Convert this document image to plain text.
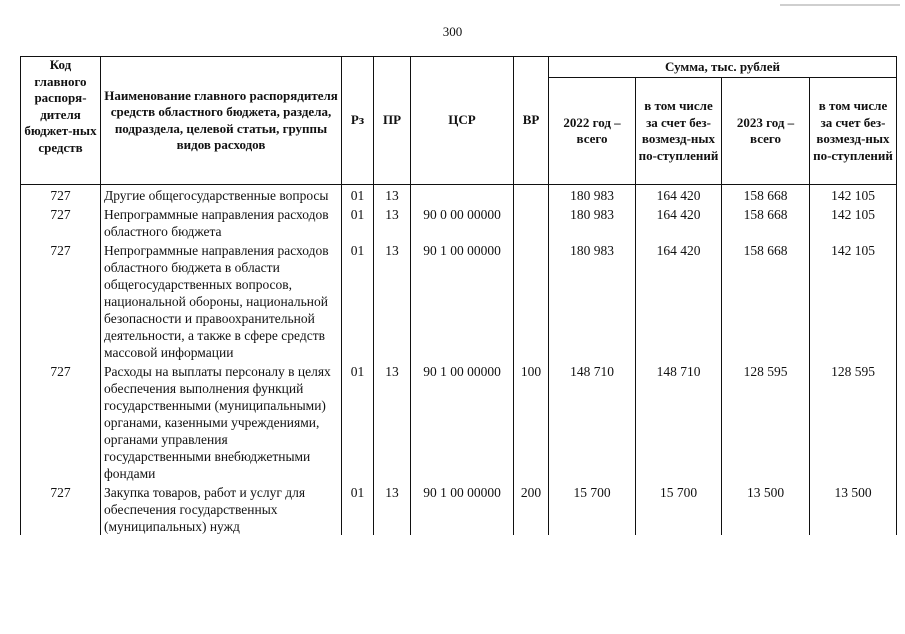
300
Код главного распоря-дителя бюджет-ных средств	Наименование главного распорядителя средств областного бюджета, раздела, подраздела, целевой статьи, группы видов расходов	Рз	ПР	ЦСР	ВР	Сумма, тыс. рублей			
						2022 год – всего	в том числе за счет без-возмезд-ных по-ступлений	2023 год – всего	в том числе за счет без-возмезд-ных по-ступлений
727	Другие общегосударственные вопросы	01	13			180 983	164 420	158 668	142 105
727	Непрограммные направления расходов областного бюджета	01	13	90 0 00 00000		180 983	164 420	158 668	142 105
727	Непрограммные направления расходов областного бюджета в области общегосударственных вопросов, национальной обороны, национальной безопасности и правоохранительной деятельности, а также в сфере средств массовой информации	01	13	90 1 00 00000		180 983	164 420	158 668	142 105
727	Расходы на выплаты персоналу в целях обеспечения выполнения функций государственными (муниципальными) органами, казенными учреждениями, органами управления государственными внебюджетными фондами	01	13	90 1 00 00000	100	148 710	148 710	128 595	128 595
727	Закупка товаров, работ и услуг для обеспечения государственных (муниципальных) нужд	01	13	90 1 00 00000	200	15 700	15 700	13 500	13 500
